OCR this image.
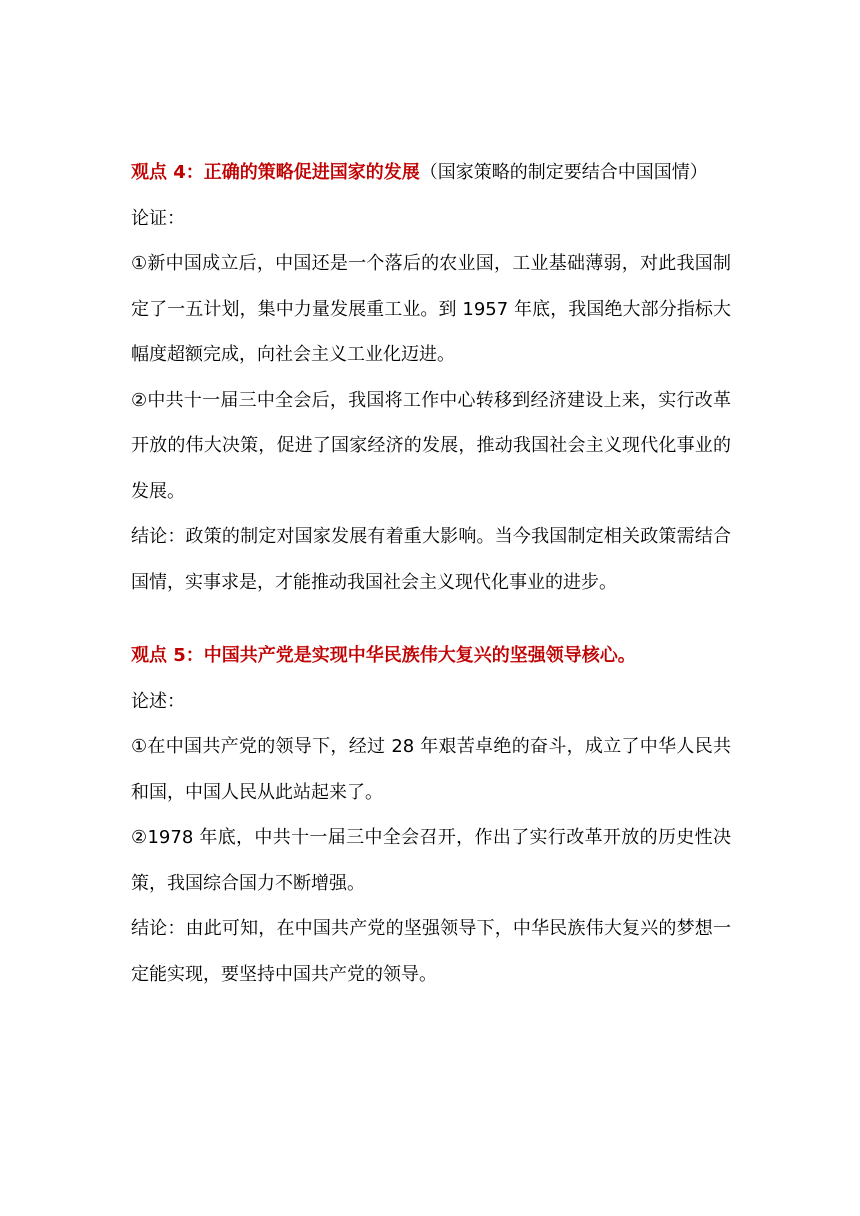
观点 4：正确的策略促进国家的发展（国家策略的制定要结合中国国情）

论证：

①新中国成立后，中国还是一个落后的农业国，工业基础薄弱，对此我国制定了一五计划，集中力量发展重工业。到 1957 年底，我国绝大部分指标大幅度超额完成，向社会主义工业化迈进。

②中共十一届三中全会后，我国将工作中心转移到经济建设上来，实行改革开放的伟大决策，促进了国家经济的发展，推动我国社会主义现代化事业的发展。

结论：政策的制定对国家发展有着重大影响。当今我国制定相关政策需结合国情，实事求是，才能推动我国社会主义现代化事业的进步。

观点 5：中国共产党是实现中华民族伟大复兴的坚强领导核心。

论述：

①在中国共产党的领导下，经过 28 年艰苦卓绝的奋斗，成立了中华人民共和国，中国人民从此站起来了。

②1978 年底，中共十一届三中全会召开，作出了实行改革开放的历史性决策，我国综合国力不断增强。

结论：由此可知，在中国共产党的坚强领导下，中华民族伟大复兴的梦想一定能实现，要坚持中国共产党的领导。
